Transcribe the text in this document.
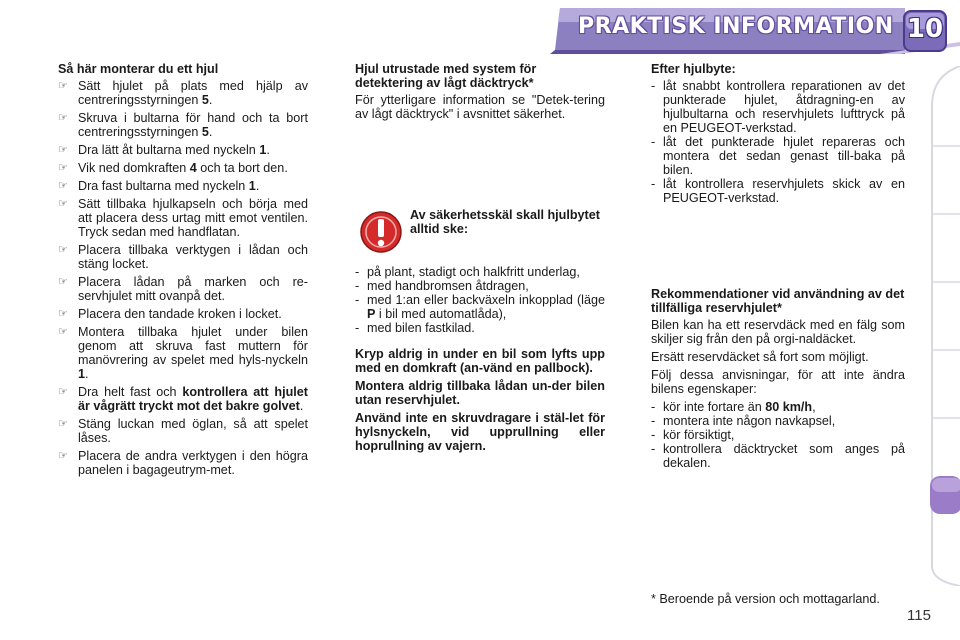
PRAKTISK INFORMATION 10
Så här monterar du ett hjul
☞ Sätt hjulet på plats med hjälp av centreringsstyrningen 5.
☞ Skruva i bultarna för hand och ta bort centreringsstyrningen 5.
☞ Dra lätt åt bultarna med nyckeln 1.
☞ Vik ned domkraften 4 och ta bort den.
☞ Dra fast bultarna med nyckeln 1.
☞ Sätt tillbaka hjulkapseln och börja med att placera dess urtag mitt emot ventilen. Tryck sedan med handflatan.
☞ Placera tillbaka verktygen i lådan och stäng locket.
☞ Placera lådan på marken och re-servhjulet mitt ovanpå det.
☞ Placera den tandade kroken i locket.
☞ Montera tillbaka hjulet under bilen genom att skruva fast muttern för manövrering av spelet med hyls-nyckeln 1.
☞ Dra helt fast och kontrollera att hjulet är vågrätt tryckt mot det bakre golvet.
☞ Stäng luckan med öglan, så att spelet låses.
☞ Placera de andra verktygen i den högra panelen i bagageutrym-met.
Hjul utrustade med system för detektering av lågt däcktryck*
För ytterligare information se "Detek-tering av lågt däcktryck" i avsnittet säkerhet.
Av säkerhetsskäl skall hjulbytet alltid ske:
- på plant, stadigt och halkfritt underlag,
- med handbromsen åtdragen,
- med 1:an eller backväxeln inkopplad (läge P i bil med automatlåda),
- med bilen fastkilad.
Kryp aldrig in under en bil som lyfts upp med en domkraft (an-vänd en pallbock).
Montera aldrig tillbaka lådan un-der bilen utan reservhjulet.
Använd inte en skruvdragare i stäl-let för hylsnyckeln, vid upprullning eller hoprullning av vajern.
Efter hjulbyte:
- låt snabbt kontrollera reparationen av det punkterade hjulet, åtdragning-en av hjulbultarna och reservhjulets lufttryck på en PEUGEOT-verkstad.
- låt det punkterade hjulet repareras och montera det sedan genast till-baka på bilen.
- låt kontrollera reservhjulets skick av en PEUGEOT-verkstad.
Rekommendationer vid användning av det tillfälliga reservhjulet*
Bilen kan ha ett reservdäck med en fälg som skiljer sig från den på orgi-naldäcket.
Ersätt reservdäcket så fort som möjligt.
Följ dessa anvisningar, för att inte ändra bilens egenskaper:
- kör inte fortare än 80 km/h,
- montera inte någon navkapsel,
- kör försiktigt,
- kontrollera däcktrycket som anges på dekalen.
* Beroende på version och mottagarland.
115
